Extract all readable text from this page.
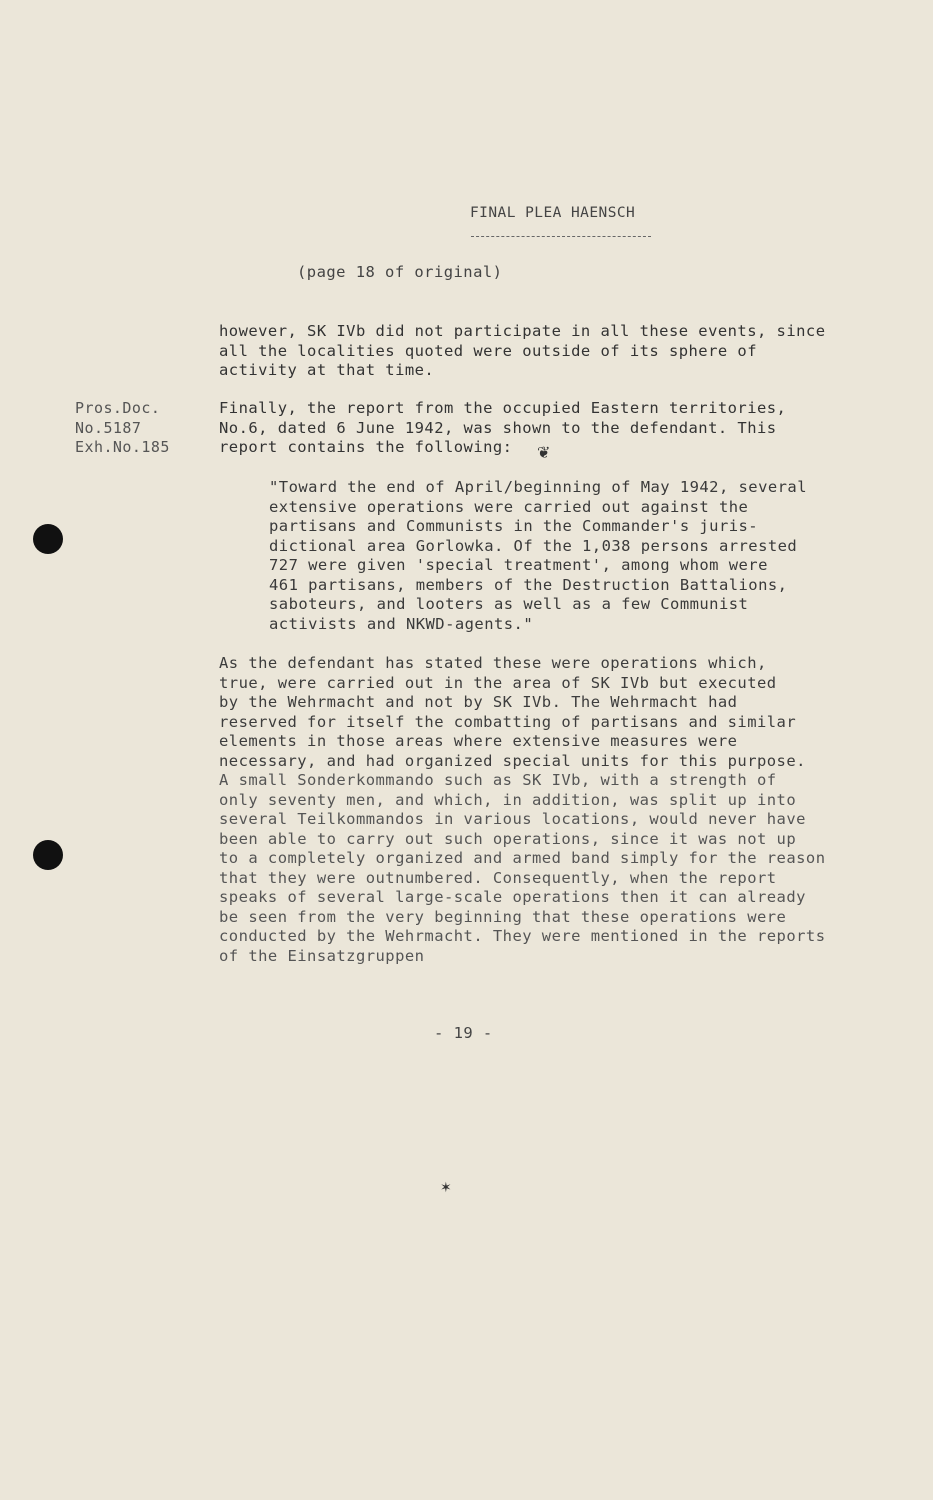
FINAL PLEA HAENSCH
(page 18 of original)
Pros.Doc.
No.5187
Exh.No.185
however, SK IVb did not participate in all these events, since
all the localities quoted were outside of its sphere of
activity at that time.
Finally, the report from the occupied Eastern territories,
No.6, dated 6 June 1942, was shown to the defendant. This
report contains the following:	❦
"Toward the end of April/beginning of May 1942, several
extensive operations were carried out against the
partisans and Communists in the Commander's juris-
dictional area Gorlowka. Of the 1,038 persons arrested
727 were given 'special treatment', among whom were
461 partisans, members of the Destruction Battalions,
saboteurs, and looters as well as a few Communist
activists and NKWD-agents."
As the defendant has stated these were operations which,
true, were carried out in the area of SK IVb but executed
by the Wehrmacht and not by SK IVb. The Wehrmacht had
reserved for itself the combatting of partisans and similar
elements in those areas where extensive measures were
necessary, and had organized special units for this purpose.
A small Sonderkommando such as SK IVb, with a strength of
only seventy men, and which, in addition, was split up into
several Teilkommandos in various locations, would never have
been able to carry out such operations, since it was not up
to a completely organized and armed band simply for the reason
that they were outnumbered. Consequently, when the report
speaks of several large-scale operations then it can already
be seen from the very beginning that these operations were
conducted by the Wehrmacht. They were mentioned in the reports
of the Einsatzgruppen
- 19 -
✶
